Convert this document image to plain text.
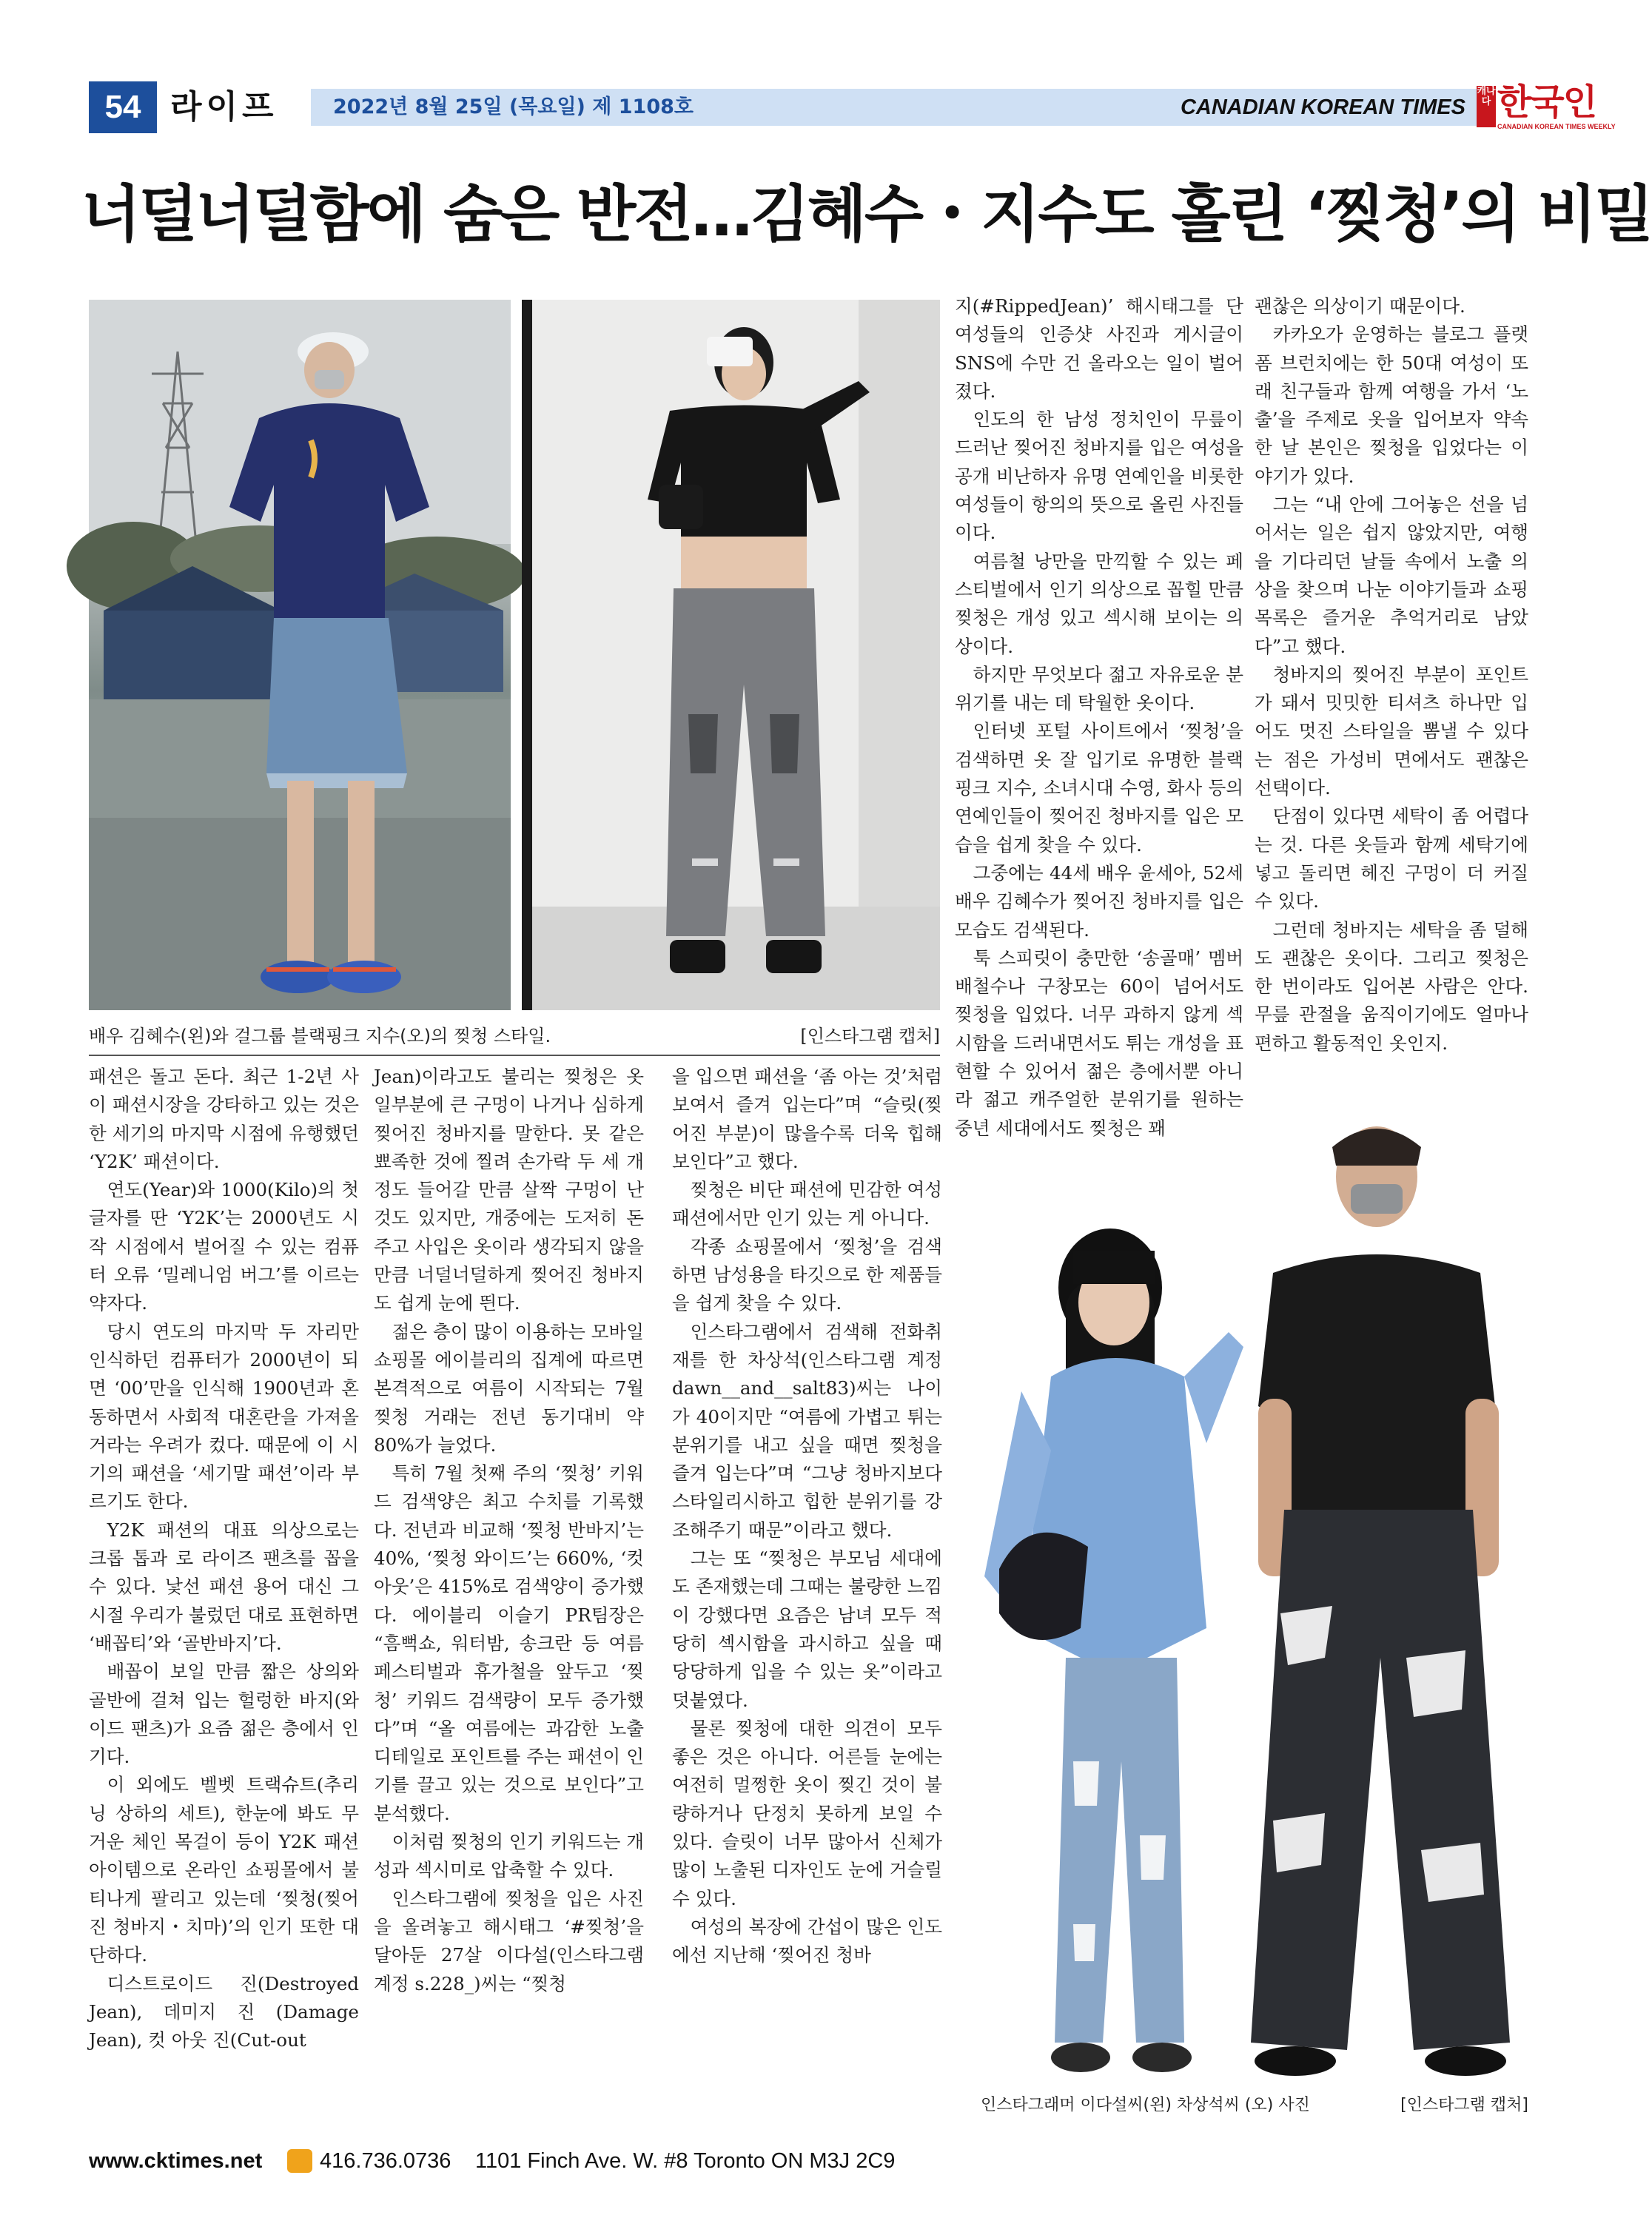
54 라이프	2022년 8월 25일 (목요일) 제 1108호	CANADIAN KOREAN TIMES
캐나다 한국인
CANADIAN KOREAN TIMES WEEKLY
너덜너덜함에 숨은 반전…김혜수・지수도 홀린 ‘찢청’의 비밀
배우 김혜수(왼)와 걸그룹 블랙핑크 지수(오)의 찢청 스타일.	[인스타그램 캡처]

패션은 돌고 돈다. 최근 1-2년 사이 패션시장을 강타하고 있는 것은 한 세기의 마지막 시점에 유행했던 ‘Y2K’ 패션이다.

연도(Year)와 1000(Kilo)의 첫 글자를 딴 ‘Y2K’는 2000년도 시작 시점에서 벌어질 수 있는 컴퓨터 오류 ‘밀레니엄 버그’를 이르는 약자다.

당시 연도의 마지막 두 자리만 인식하던 컴퓨터가 2000년이 되면 ‘00’만을 인식해 1900년과 혼동하면서 사회적 대혼란을 가져올 거라는 우려가 컸다. 때문에 이 시기의 패션을 ‘세기말 패션’이라 부르기도 한다.

Y2K 패션의 대표 의상으로는 크롭 톱과 로 라이즈 팬츠를 꼽을 수 있다. 낯선 패션 용어 대신 그 시절 우리가 불렀던 대로 표현하면 ‘배꼽티’와 ‘골반바지’다.

배꼽이 보일 만큼 짧은 상의와 골반에 걸쳐 입는 헐렁한 바지(와이드 팬츠)가 요즘 젊은 층에서 인기다.

이 외에도 벨벳 트랙슈트(추리닝 상하의 세트), 한눈에 봐도 무거운 체인 목걸이 등이 Y2K 패션 아이템으로 온라인 쇼핑몰에서 불티나게 팔리고 있는데 ‘찢청(찢어진 청바지・치마)’의 인기 또한 대단하다.

디스트로이드 진(Destroyed Jean), 데미지 진 (Damage Jean), 컷 아웃 진(Cut-out

Jean)이라고도 불리는 찢청은 옷 일부분에 큰 구멍이 나거나 심하게 찢어진 청바지를 말한다. 못 같은 뾰족한 것에 찔려 손가락 두 세 개 정도 들어갈 만큼 살짝 구멍이 난 것도 있지만, 개중에는 도저히 돈 주고 사입은 옷이라 생각되지 않을 만큼 너덜너덜하게 찢어진 청바지도 쉽게 눈에 띈다.

젊은 층이 많이 이용하는 모바일 쇼핑몰 에이블리의 집계에 따르면 본격적으로 여름이 시작되는 7월 찢청 거래는 전년 동기대비 약 80%가 늘었다.

특히 7월 첫째 주의 ‘찢청’ 키워드 검색양은 최고 수치를 기록했다. 전년과 비교해 ‘찢청 반바지’는 40%, ‘찢청 와이드’는 660%, ‘컷아웃’은 415%로 검색양이 증가했다. 에이블리 이슬기 PR팀장은 “흠뻑쇼, 워터밤, 송크란 등 여름 페스티벌과 휴가철을 앞두고 ‘찢청’ 키워드 검색량이 모두 증가했다”며 “올 여름에는 과감한 노출 디테일로 포인트를 주는 패션이 인기를 끌고 있는 것으로 보인다”고 분석했다.

이처럼 찢청의 인기 키워드는 개성과 섹시미로 압축할 수 있다.

인스타그램에 찢청을 입은 사진을 올려놓고 해시태그 ‘#찢청’을 달아둔 27살 이다설(인스타그램 계정 s.228_)씨는 “찢청

을 입으면 패션을 ‘좀 아는 것’처럼 보여서 즐겨 입는다”며 “슬릿(찢어진 부분)이 많을수록 더욱 힙해 보인다”고 했다.

찢청은 비단 패션에 민감한 여성 패션에서만 인기 있는 게 아니다.

각종 쇼핑몰에서 ‘찢청’을 검색하면 남성용을 타깃으로 한 제품들을 쉽게 찾을 수 있다.

인스타그램에서 검색해 전화취재를 한 차상석(인스타그램 계정 dawn__and__salt83)씨는 나이가 40이지만 “여름에 가볍고 튀는 분위기를 내고 싶을 때면 찢청을 즐겨 입는다”며 “그냥 청바지보다 스타일리시하고 힙한 분위기를 강조해주기 때문”이라고 했다.

그는 또 “찢청은 부모님 세대에도 존재했는데 그때는 불량한 느낌이 강했다면 요즘은 남녀 모두 적당히 섹시함을 과시하고 싶을 때 당당하게 입을 수 있는 옷”이라고 덧붙였다.

물론 찢청에 대한 의견이 모두 좋은 것은 아니다. 어른들 눈에는 여전히 멀쩡한 옷이 찢긴 것이 불량하거나 단정치 못하게 보일 수 있다. 슬릿이 너무 많아서 신체가 많이 노출된 디자인도 눈에 거슬릴 수 있다.

여성의 복장에 간섭이 많은 인도에선 지난해 ‘찢어진 청바

지(#RippedJean)’ 해시태그를 단 여성들의 인증샷 사진과 게시글이 SNS에 수만 건 올라오는 일이 벌어졌다.

인도의 한 남성 정치인이 무릎이 드러난 찢어진 청바지를 입은 여성을 공개 비난하자 유명 연예인을 비롯한 여성들이 항의의 뜻으로 올린 사진들이다.

여름철 낭만을 만끽할 수 있는 페스티벌에서 인기 의상으로 꼽힐 만큼 찢청은 개성 있고 섹시해 보이는 의상이다.

하지만 무엇보다 젊고 자유로운 분위기를 내는 데 탁월한 옷이다.

인터넷 포털 사이트에서 ‘찢청’을 검색하면 옷 잘 입기로 유명한 블랙핑크 지수, 소녀시대 수영, 화사 등의 연예인들이 찢어진 청바지를 입은 모습을 쉽게 찾을 수 있다.

그중에는 44세 배우 윤세아, 52세 배우 김혜수가 찢어진 청바지를 입은 모습도 검색된다.

툭 스피릿이 충만한 ‘송골매’ 멤버 배철수나 구창모는 60이 넘어서도 찢청을 입었다. 너무 과하지 않게 섹시함을 드러내면서도 튀는 개성을 표현할 수 있어서 젊은 층에서뿐 아니라 젊고 캐주얼한 분위기를 원하는 중년 세대에서도 찢청은 꽤

괜찮은 의상이기 때문이다.

카카오가 운영하는 블로그 플랫폼 브런치에는 한 50대 여성이 또래 친구들과 함께 여행을 가서 ‘노출’을 주제로 옷을 입어보자 약속한 날 본인은 찢청을 입었다는 이야기가 있다.

그는 “내 안에 그어놓은 선을 넘어서는 일은 쉽지 않았지만, 여행을 기다리던 날들 속에서 노출 의상을 찾으며 나눈 이야기들과 쇼핑 목록은 즐거운 추억거리로 남았다”고 했다.

청바지의 찢어진 부분이 포인트가 돼서 밋밋한 티셔츠 하나만 입어도 멋진 스타일을 뽐낼 수 있다는 점은 가성비 면에서도 괜찮은 선택이다.

단점이 있다면 세탁이 좀 어렵다는 것. 다른 옷들과 함께 세탁기에 넣고 돌리면 헤진 구멍이 더 커질 수 있다.

그런데 청바지는 세탁을 좀 덜해도 괜찮은 옷이다. 그리고 찢청은 한 번이라도 입어본 사람은 안다. 무릎 관절을 움직이기에도 얼마나 편하고 활동적인 옷인지.

인스타그래머 이다설씨(왼) 차상석씨 (오) 사진	[인스타그램 캡처]
www.cktimes.net	416.736.0736 1101 Finch Ave. W. #8 Toronto ON M3J 2C9
